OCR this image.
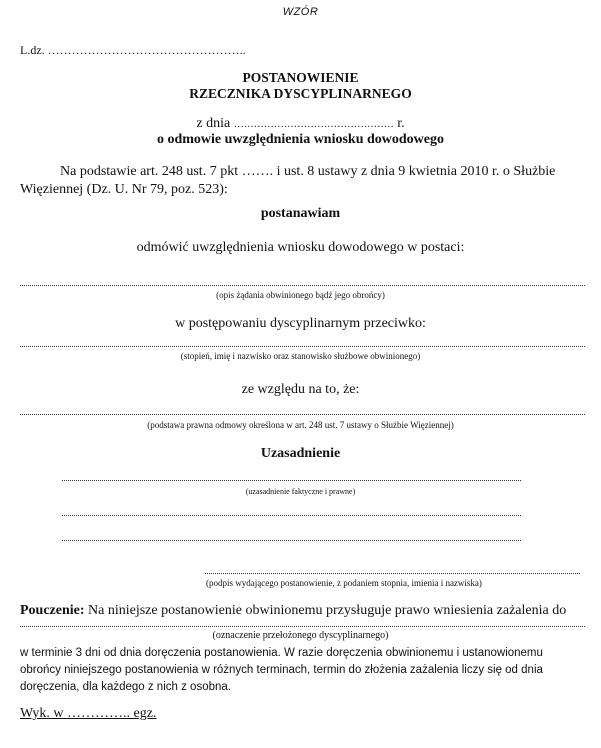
WZÓR
L.dz. …………………………………………..
POSTANOWIENIE
RZECZNIKA DYSCYPLINARNEGO
z dnia ………………………………………… r.
o odmowie uwzględnienia wniosku dowodowego
Na podstawie art. 248 ust. 7 pkt ……. i ust. 8 ustawy z dnia 9 kwietnia 2010 r. o Służbie
Więziennej (Dz. U. Nr 79, poz. 523):
postanawiam
odmówić uwzględnienia wniosku dowodowego w postaci:
(opis żądania obwinionego bądź jego obrońcy)
w postępowaniu dyscyplinarnym przeciwko:
(stopień, imię i nazwisko oraz stanowisko służbowe obwinionego)
ze względu na to, że:
(podstawa prawna odmowy określona w art. 248 ust. 7 ustawy o Służbie Więziennej)
Uzasadnienie
(uzasadnienie faktyczne i prawne)
(podpis wydającego postanowienie, z podaniem stopnia, imienia i nazwiska)
Pouczenie: Na niniejsze postanowienie obwinionemu przysługuje prawo wniesienia zażalenia do
(oznaczenie przełożonego dyscyplinarnego)
w terminie 3 dni od dnia doręczenia postanowienia. W razie doręczenia obwinionemu i ustanowionemu
obrońcy niniejszego postanowienia w różnych terminach, termin do złożenia zażalenia liczy się od dnia
doręczenia, dla każdego z nich z osobna.
Wyk. w ………….. egz.
